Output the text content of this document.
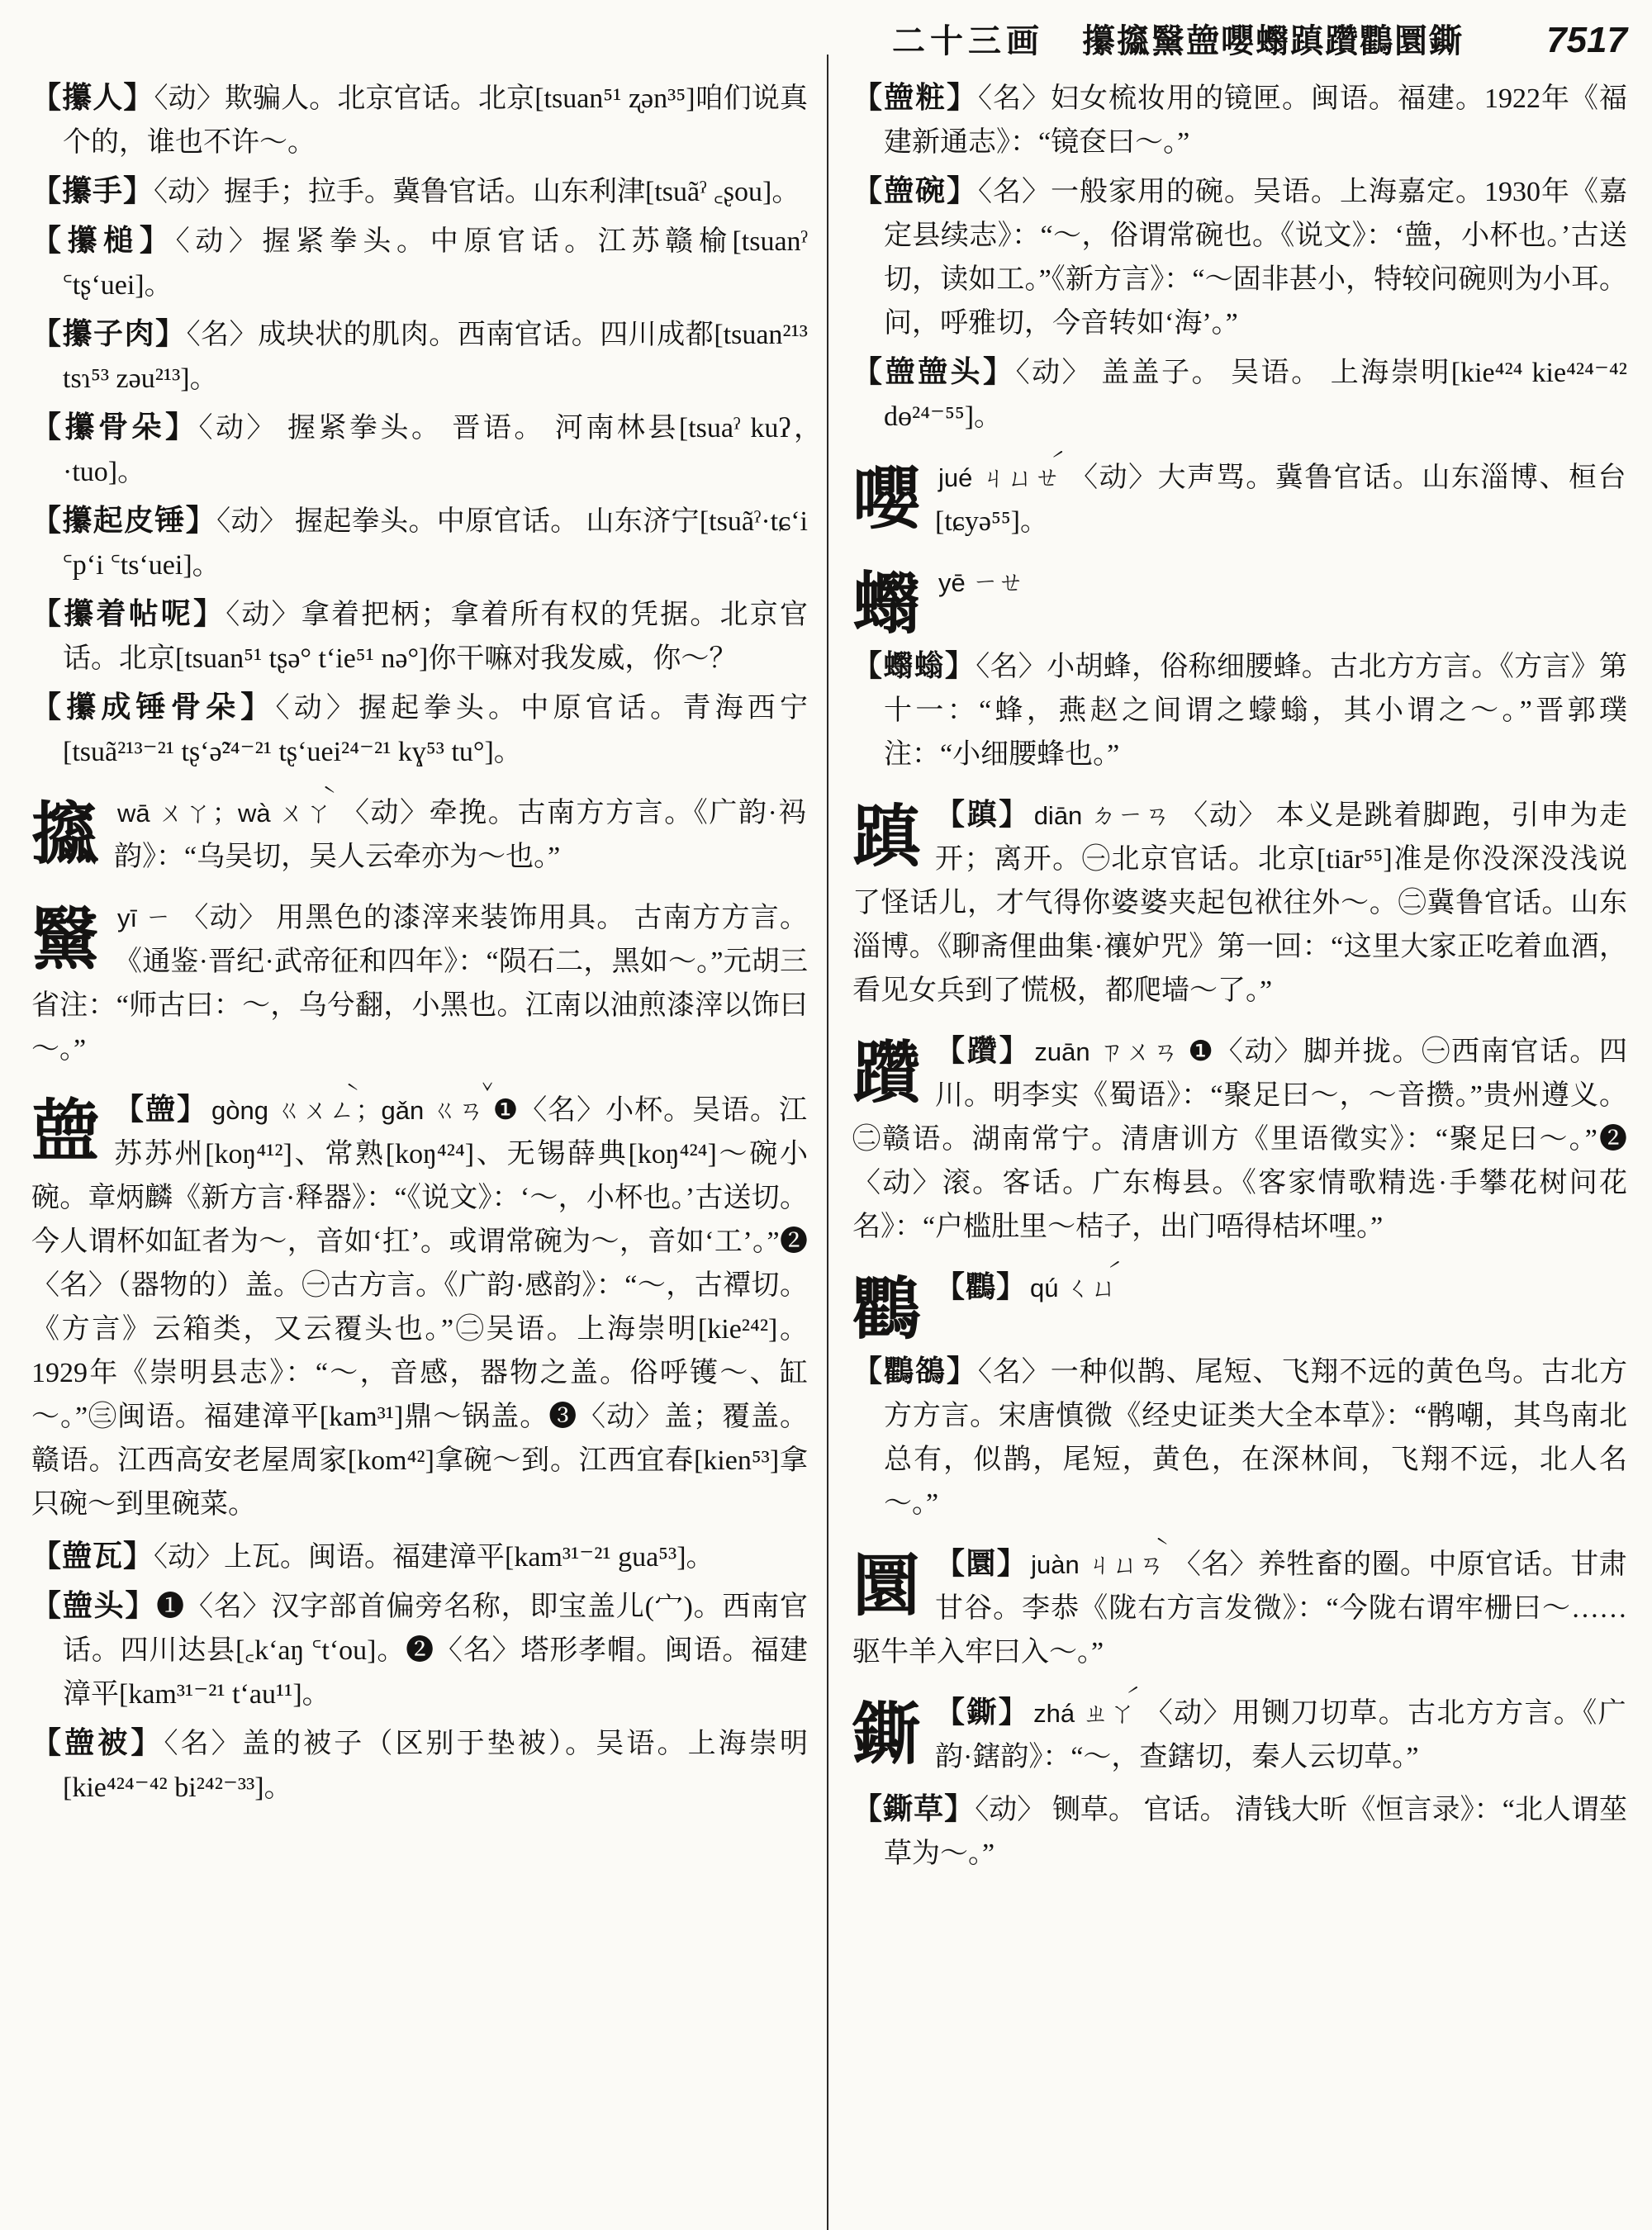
二十三画 攥攨黳䀇嚶蠮蹎躦鸜圜鐁	7517

【攥人】〈动〉欺骗人。北京官话。北京[tsuan⁵¹ ʐən³⁵]咱们说真个的，谁也不许～。

【攥手】〈动〉握手；拉手。冀鲁官话。山东利津[tsuãˀ ꜀ʂou]。

【攥槌】〈动〉握紧拳头。中原官话。江苏赣榆[tsuanˀ ꜂tʂʻuei]。

【攥子肉】〈名〉成块状的肌肉。西南官话。四川成都[tsuan²¹³ tsɿ⁵³ zəu²¹³]。

【攥骨朵】〈动〉 握紧拳头。 晋语。 河南林县[tsuaˀ kuʔ，·tuo]。

【攥起皮锤】〈动〉 握起拳头。中原官话。 山东济宁[tsuãˀ·tɕʻi ꜂pʻi ꜂tsʻuei]。

【攥着帖呢】〈动〉拿着把柄；拿着所有权的凭据。北京官话。北京[tsuan⁵¹ tʂə° tʻie⁵¹ nə°]你干嘛对我发威，你～？

【攥成锤骨朵】〈动〉握起拳头。中原官话。青海西宁[tsuã²¹³⁻²¹ tʂʻə̃²⁴⁻²¹ tʂʻuei²⁴⁻²¹ kɣ⁵³ tu°]。

攨wā ㄨㄚ；wà ㄨㄚ̀ 〈动〉牵挽。古南方方言。《广韵·祃韵》：“乌吴切，吴人云牵亦为～也。”
黳yī ㄧ 〈动〉 用黑色的漆滓来装饰用具。 古南方方言。《通鉴·晋纪·武帝征和四年》：“陨石二，黑如～。”元胡三省注：“师古曰：～，乌兮翻，小黑也。江南以油煎漆滓以饰曰～。”
䀇 【䀇】 gòng ㄍㄨㄥ̀；gǎn ㄍㄢ̌ ❶〈名〉小杯。吴语。江苏苏州[koŋ⁴¹²]、常熟[koŋ⁴²⁴]、无锡薛典[koŋ⁴²⁴]～碗小碗。章炳麟《新方言·释器》：“《说文》：‘～，小杯也。’古送切。今人谓杯如缸者为～，音如‘扛’。或谓常碗为～，音如‘工’。”❷〈名〉（器物的）盖。㊀古方言。《广韵·感韵》：“～，古禫切。《方言》云箱类，又云覆头也。”㊁吴语。上海崇明[kie²⁴²]。1929年《崇明县志》：“～，音感，器物之盖。俗呼镬～、缸～。”㊂闽语。福建漳平[kam³¹]鼎～锅盖。❸〈动〉盖；覆盖。赣语。江西高安老屋周家[kom⁴²]拿碗～到。江西宜春[kien⁵³]拿只碗～到里碗菜。

【䀇瓦】〈动〉上瓦。闽语。福建漳平[kam³¹⁻²¹ gua⁵³]。

【䀇头】❶〈名〉汉字部首偏旁名称，即宝盖儿(宀)。西南官话。四川达县[꜀kʻaŋ ꜂tʻou]。❷〈名〉塔形孝帽。闽语。福建漳平[kam³¹⁻²¹ tʻau¹¹]。

【䀇被】〈名〉盖的被子（区别于垫被）。吴语。上海崇明[kie⁴²⁴⁻⁴² bi²⁴²⁻³³]。

【䀇粧】〈名〉妇女梳妆用的镜匣。闽语。福建。1922年《福建新通志》：“镜奁曰～。”

【䀇碗】〈名〉一般家用的碗。吴语。上海嘉定。1930年《嘉定县续志》：“～，俗谓常碗也。《说文》：‘䀇，小杯也。’古送切，读如工。”《新方言》：“～固非甚小，特较问碗则为小耳。问，呼雅切，今音转如‘海’。”

【䀇䀇头】〈动〉 盖盖子。 吴语。 上海崇明[kie⁴²⁴ kie⁴²⁴⁻⁴² dɵ²⁴⁻⁵⁵]。

嚶jué ㄐㄩㄝ́ 〈动〉大声骂。冀鲁官话。山东淄博、桓台[tɕyə⁵⁵]。
蠮yē ㄧㄝ

【蠮螉】〈名〉小胡蜂，俗称细腰蜂。古北方方言。《方言》第十一：“蜂，燕赵之间谓之蠓螉，其小谓之～。”晋郭璞注：“小细腰蜂也。”

蹎 【蹎】 diān ㄉㄧㄢ 〈动〉 本义是跳着脚跑，引申为走开；离开。㊀北京官话。北京[tiār⁵⁵]准是你没深没浅说了怪话儿，才气得你婆婆夹起包袱往外～。㊁冀鲁官话。山东淄博。《聊斋俚曲集·禳妒咒》第一回：“这里大家正吃着血酒，看见女兵到了慌极，都爬墙～了。”
躦 【躦】 zuān ㄗㄨㄢ ❶〈动〉脚并拢。㊀西南官话。四川。明李实《蜀语》：“聚足曰～，～音攒。”贵州遵义。㊁赣语。湖南常宁。清唐训方《里语徵实》：“聚足曰～。”❷〈动〉滚。客话。广东梅县。《客家情歌精选·手攀花树问花名》：“户槛肚里～桔子，出门唔得桔坏哩。”
鸜 【鸜】 qú ㄑㄩ́

【鸜鵅】〈名〉一种似鹊、尾短、飞翔不远的黄色鸟。古北方方方言。宋唐慎微《经史证类大全本草》：“鹘嘲，其鸟南北总有，似鹊，尾短，黄色，在深林间，飞翔不远，北人名～。”

圜 【圜】 juàn ㄐㄩㄢ̀ 〈名〉养牲畜的圈。中原官话。甘肃甘谷。李恭《陇右方言发微》：“今陇右谓牢栅曰～……驱牛羊入牢曰入～。”
鐁 【鐁】 zhá ㄓㄚ́ 〈动〉用铡刀切草。古北方方言。《广韵·鎋韵》：“～，查鎋切，秦人云切草。”

【鐁草】〈动〉 铡草。 官话。 清钱大昕《恒言录》：“北人谓莝草为～。”
